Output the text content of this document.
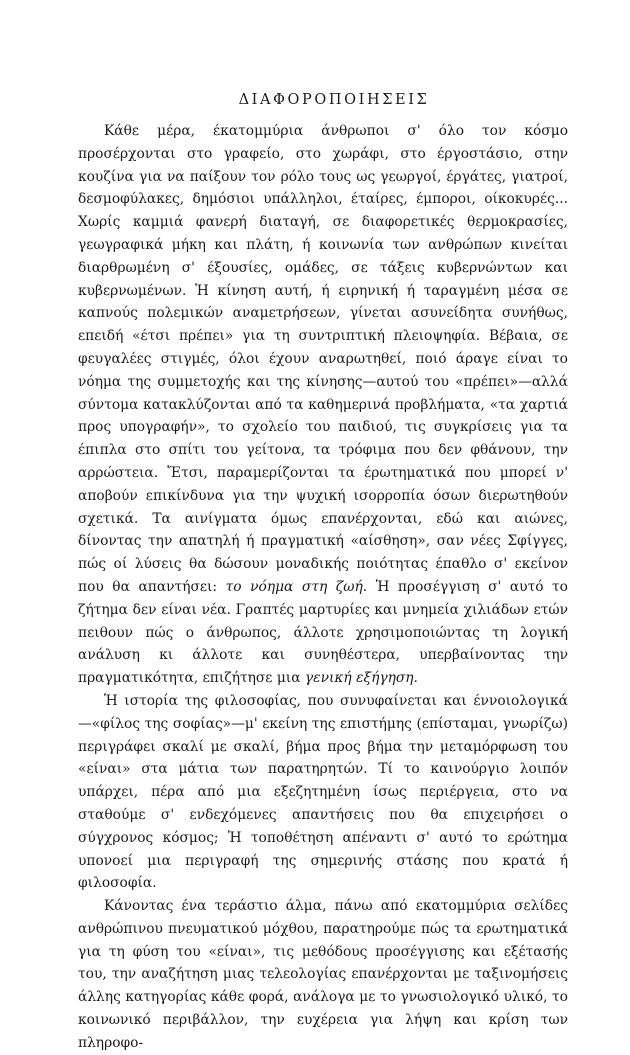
ΔΙΑΦΟΡΟΠΟΙΗΣΕΙΣ

Κάθε μέρα, έκατομμύρια άνθρωποι σ' όλο τον κόσμο προσέρχονται στο γραφείο, στο χωράφι, στο έργοστάσιο, στην κουζίνα για να παίξουν τον ρόλο τους ως γεωργοί, έργάτες, γιατροί, δεσμοφύλακες, δημόσιοι υπάλληλοι, έταίρες, έμποροι, οίκοκυρές... Χωρίς καμμιά φανερή διαταγή, σε διαφορετικές θερμοκρασίες, γεωγραφικά μήκη και πλάτη, ή κοινωνία των ανθρώπων κινείται διαρθρωμένη σ' έξουσίες, ομάδες, σε τάξεις κυβερνώντων και κυβερνωμένων. Ἡ κίνηση αυτή, ή ειρηνική ή ταραγμένη μέσα σε καπνούς πολεμικών αναμετρήσεων, γίνεται ασυνείδητα συνήθως, επειδή «έτσι πρέπει» για τη συντριπτική πλειοψηφία. Βέβαια, σε φευγαλέες στιγμές, όλοι έχουν αναρωτηθεί, ποιό άραγε είναι το νόημα της συμμετοχής και της κίνησης—αυτού του «πρέπει»—αλλά σύντομα κατακλύζονται από τα καθημερινά προβλήματα, «τα χαρτιά προς υπογραφήν», το σχολείο του παιδιού, τις συγκρίσεις για τα έπιπλα στο σπίτι του γείτονα, τα τρόφιμα που δεν φθάνουν, την αρρώστεια. Ἔτσι, παραμερίζονται τα έρωτηματικά που μπορεί ν' αποβούν επικίνδυνα για την ψυχική ισορροπία όσων διερωτηθούν σχετικά. Τα αινίγματα όμως επανέρχονται, εδώ και αιώνες, δίνοντας την απατηλή ή πραγματική «αίσθηση», σαν νέες Σφίγγες, πώς οί λύσεις θα δώσουν μοναδικής ποιότητας έπαθλο σ' εκείνον που θα απαντήσει: το νόημα στη ζωή. Ἡ προσέγγιση σ' αυτό το ζήτημα δεν είναι νέα. Γραπτές μαρτυρίες και μνημεία χιλιάδων ετών πειθουν πώς ο άνθρωπος, άλλοτε χρησιμοποιώντας τη λογική ανάλυση κι άλλοτε και συνηθέστερα, υπερβαίνοντας την πραγματικότητα, επιζήτησε μια γενική εξήγηση.

Ἡ ιστορία της φιλοσοφίας, που συνυφαίνεται και έννοιολογικά—«φίλος της σοφίας»—μ' εκείνη της επιστήμης (επίσταμαι, γνωρίζω) περιγράφει σκαλί με σκαλί, βήμα προς βήμα την μεταμόρφωση του «είναι» στα μάτια των παρατηρητών. Τί το καινούργιο λοιπόν υπάρχει, πέρα από μια εξεζητημένη ίσως περιέργεια, στο να σταθούμε σ' ενδεχόμενες απαντήσεις που θα επιχειρήσει ο σύγχρονος κόσμος; Ἡ τοποθέτηση απέναντι σ' αυτό το ερώτημα υπονοεί μια περιγραφή της σημερινής στάσης που κρατά ή φιλοσοφία.

Κάνοντας ένα τεράστιο άλμα, πάνω από εκατομμύρια σελίδες ανθρώπινου πνευματικού μόχθου, παρατηρούμε πώς τα ερωτηματικά για τη φύση του «είναι», τις μεθόδους προσέγγισης και εξέτασής του, την αναζήτηση μιας τελεολογίας επανέρχονται με ταξινομήσεις άλλης κατηγορίας κάθε φορά, ανάλογα με το γνωσιολογικό υλικό, το κοινωνικό περιβάλλον, την ευχέρεια για λήψη και κρίση των πληροφο-
